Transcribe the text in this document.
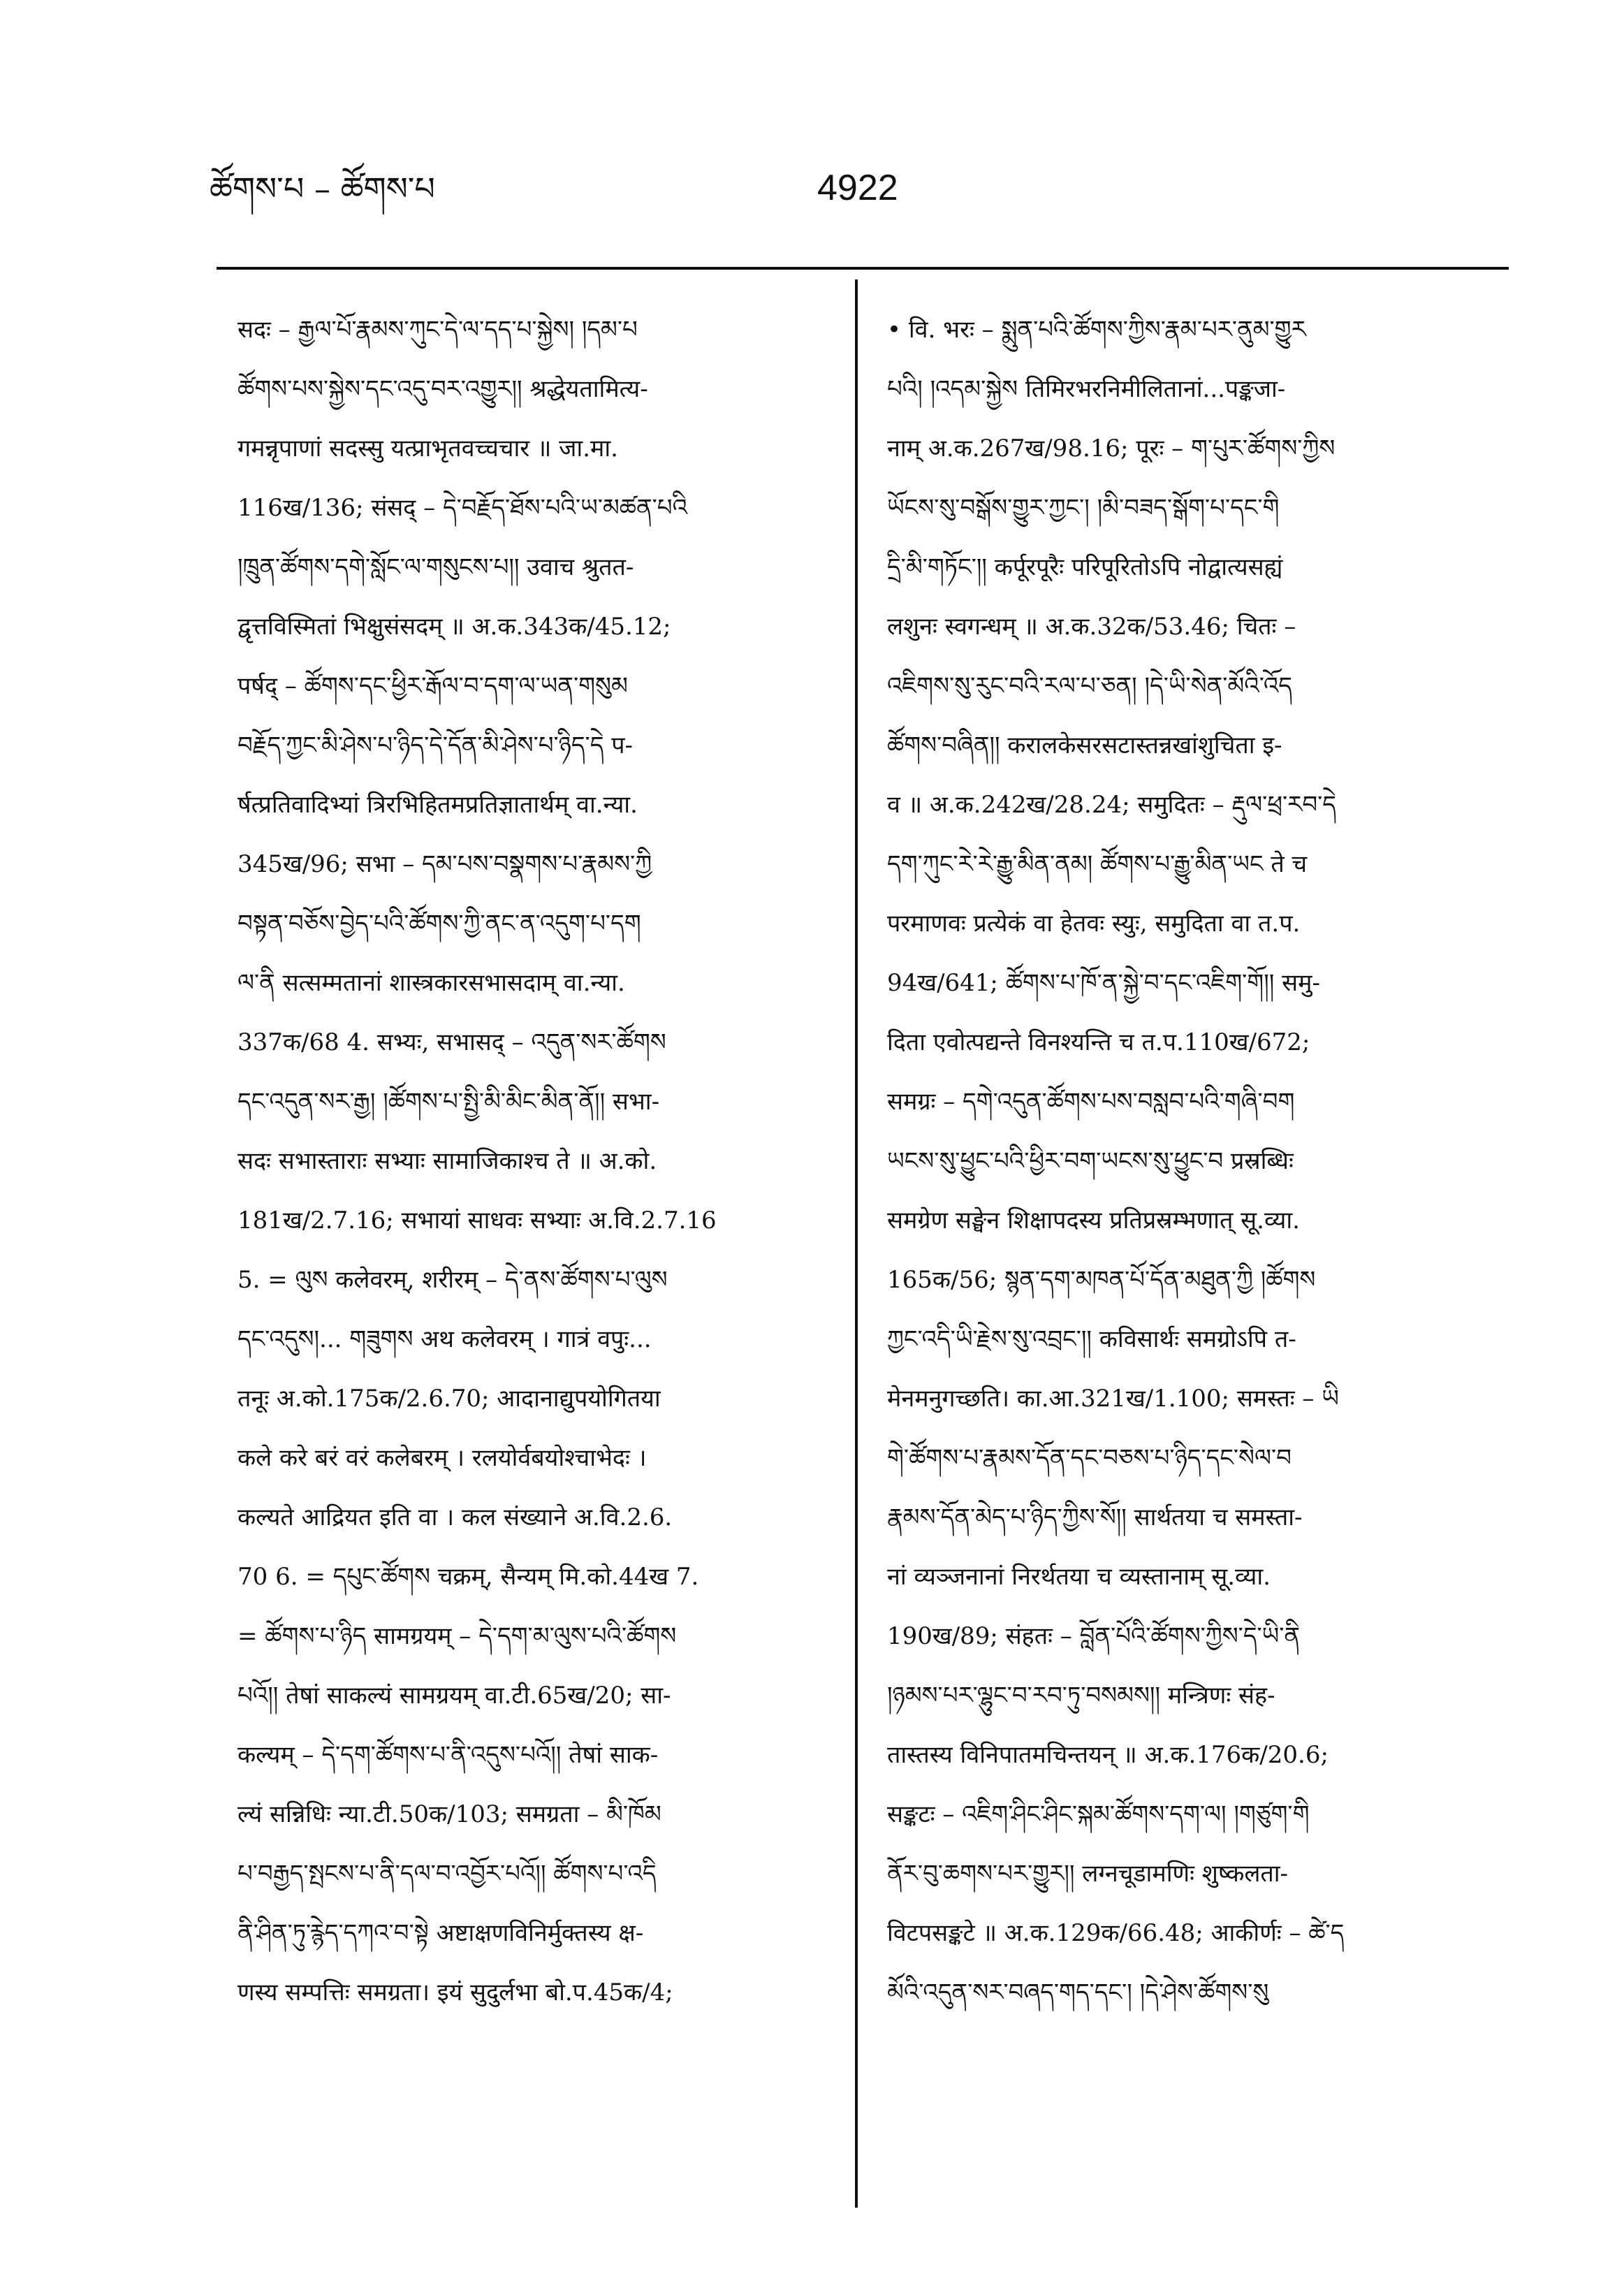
ཚོགས་པ – ཚོགས་པ	4922
सदः – རྒྱལ་པོ་རྣམས་ཀུང་དེ་ལ་དད་པ་སྐྱེས། །དམ་པ
ཚོགས་པས་སྐྱེས་དང་འདུ་བར་འགྱུར།། श्रद्धेयतामित्य-
गमन्नृपाणां सदस्सु यत्प्राभृतवच्चचार ॥ जा.मा.
116ख/136; संसद् – དེ་བརྗོད་ཐོས་པའི་ཡ་མཚན་པའི
།ཁྲུན་ཚོགས་དགེ་སློང་ལ་གསུངས་པ།། उवाच श्रुतत-
द्वृत्तविस्मितां भिक्षुसंसदम् ॥ अ.क.343क/45.12;
पर्षद् – ཚོགས་དང་ཕྱིར་རྒོལ་བ་དག་ལ་ཡན་གསུམ
བརྗོད་ཀྱང་མི་ཤེས་པ་ཉིད་དེ་དོན་མི་ཤེས་པ་ཉིད་དེ प-
र्षत्प्रतिवादिभ्यां त्रिरभिहितमप्रतिज्ञातार्थम् वा.न्या.
345ख/96; सभा – དམ་པས་བསྣགས་པ་རྣམས་ཀྱི
བསྟན་བཅོས་བྱེད་པའི་ཚོགས་ཀྱི་ནང་ན་འདུག་པ་དག
ལ་ནི सत्सम्मतानां शास्त्रकारसभासदाम् वा.न्या.
337क/68 4. सभ्यः, सभासद् – འདུན་སར་ཚོགས
དང་འདུན་སར་རྒྱ། །ཚོགས་པ་སྤྱི་མི་མིང་མིན་ནོ།། सभा-
सदः सभास्ताराः सभ्याः सामाजिकाश्च ते ॥ अ.को.
181ख/2.7.16; सभायां साधवः सभ्याः अ.वि.2.7.16
5. = ལུས कलेवरम्, शरीरम् – དེ་ནས་ཚོགས་པ་ལུས
དང་འདུས།... གཟུགས अथ कलेवरम् । गात्रं वपुः...
तनूः अ.को.175क/2.6.70; आदानाद्युपयोगितया
कले करे बरं वरं कलेबरम् । रलयोर्वबयोश्चाभेदः ।
कल्यते आद्रियत इति वा । कल संख्याने अ.वि.2.6.
70 6. = དཔུང་ཚོགས चक्रम्, सैन्यम् मि.को.44ख 7.
= ཚོགས་པ་ཉིད सामग्रयम् – དེ་དག་མ་ལུས་པའི་ཚོགས
པའོ།། तेषां साकल्यं सामग्रयम् वा.टी.65ख/20; सा-
कल्यम् – དེ་དག་ཚོགས་པ་ནི་འདུས་པའོ།། तेषां साक-
ल्यं सन्निधिः न्या.टी.50क/103; समग्रता – མི་ཁོམ
པ་བརྒྱད་སྤངས་པ་ནི་དལ་བ་འབྱོར་པའོ།། ཚོགས་པ་འདི
ནི་ཤིན་ཏུ་རྙེད་དཀའ་བ་སྟེ अष्टाक्षणविनिर्मुक्तस्य क्ष-
णस्य सम्पत्तिः समग्रता। इयं सुदुर्लभा बो.प.45क/4;
• वि. भरः – སྨུན་པའི་ཚོགས་ཀྱིས་རྣམ་པར་ནུམ་གྱུར
པའི། །འདམ་སྐྱེས तिमिरभरनिमीलितानां...पङ्कजा-
नाम् अ.क.267ख/98.16; पूरः – ག་པུར་ཚོགས་ཀྱིས
ཡོངས་སུ་བསྒོས་གྱུར་ཀྱང་། །མི་བཟད་སྒོག་པ་དང་གི
དྲི་མི་གཏོང་།། कर्पूरपूरैः परिपूरितोऽपि नोद्वात्यसह्यं
लशुनः स्वगन्धम् ॥ अ.क.32क/53.46; चितः –
འཇིགས་སུ་རུང་བའི་རལ་པ་ཅན། །དེ་ཡི་སེན་མོའི་འོད
ཚོགས་བཞིན།། करालकेसरसटास्तन्नखांशुचिता इ-
व ॥ अ.क.242ख/28.24; समुदितः – རྡུལ་ཕྲ་རབ་དེ
དག་ཀུང་རེ་རེ་རྒྱུ་མིན་ནམ། ཚོགས་པ་རྒྱུ་མིན་ཡང ते च
परमाणवः प्रत्येकं वा हेतवः स्युः, समुदिता वा त.प.
94ख/641; ཚོགས་པ་ཁོ་ན་སྐྱེ་བ་དང་འཇིག་གོ།། समु-
दिता एवोत्पद्यन्ते विनश्यन्ति च त.प.110ख/672;
समग्रः – དགེ་འདུན་ཚོགས་པས་བསླབ་པའི་གཞི་བག
ཡངས་སུ་ཕྱུང་པའི་ཕྱིར་བག་ཡངས་སུ་ཕྱུང་བ प्रस्रब्धिः
समग्रेण सङ्घेन शिक्षापदस्य प्रतिप्रस्रम्भणात् सू.व्या.
165क/56; སྙན་དག་མཁན་པོ་དོན་མཐུན་ཀྱི །ཚོགས
ཀྱང་འདི་ཡི་རྗེས་སུ་འབྲང་།། कविसार्थः समग्रोऽपि त-
मेनमनुगच्छति। का.आ.321ख/1.100; समस्तः – ཡི
གེ་ཚོགས་པ་རྣམས་དོན་དང་བཅས་པ་ཉིད་དང་སེལ་བ
རྣམས་དོན་མེད་པ་ཉིད་ཀྱིས་སོ།། सार्थतया च समस्ता-
नां व्यञ्जनानां निरर्थतया च व्यस्तानाम् सू.व्या.
190ख/89; संहतः – བློན་པོའི་ཚོགས་ཀྱིས་དེ་ཡི་ནི
།ཉམས་པར་ལྷུང་བ་རབ་ཏུ་བསམས།། मन्त्रिणः संह-
तास्तस्य विनिपातमचिन्तयन् ॥ अ.क.176क/20.6;
सङ्कटः – འཇིག་ཤིང་ཤིང་སྐམ་ཚོགས་དག་ལ། །གཙུག་གི
ནོར་བུ་ཆགས་པར་གྱུར།། लग्नचूडामणिः शुष्कलता-
विटपसङ्कटे ॥ अ.क.129क/66.48; आकीर्णः – ཚེ་ད
མོའི་འདུན་སར་བཞད་གད་དང་། །དེ་ཤེས་ཚོགས་སུ
